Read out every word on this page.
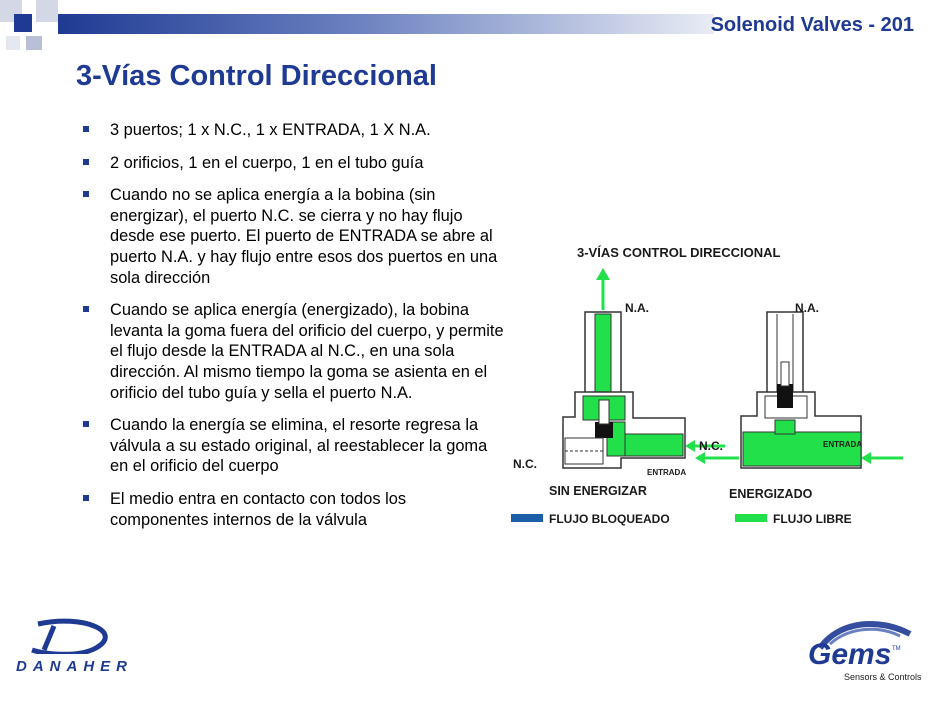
Solenoid Valves - 201
3-Vías Control Direccional
3 puertos; 1 x N.C., 1 x ENTRADA, 1 X N.A.
2 orificios, 1 en el cuerpo, 1 en el tubo guía
Cuando no se aplica energía a la bobina (sin energizar), el puerto N.C. se cierra y no hay flujo desde ese puerto. El puerto de ENTRADA se abre al puerto N.A. y hay flujo entre esos dos puertos en una sola dirección
Cuando se aplica energía (energizado), la bobina levanta la goma fuera del orificio del cuerpo, y permite el flujo desde la ENTRADA al N.C., en una sola dirección. Al mismo tiempo la goma se asienta en el orificio del tubo guía y sella el puerto N.A.
Cuando la energía se elimina, el resorte regresa la válvula a su estado original, al reestablecer la goma en el orificio del cuerpo
El medio entra en contacto con todos los componentes internos de la válvula
3-VÍAS CONTROL DIRECCIONAL
N.A.
N.C.
ENTRADA
SIN ENERGIZAR
N.A.
N.C.	ENTRADA
ENERGIZADO
FLUJO BLOQUEADO	FLUJO LIBRE
DANAHER	Gems TM
Sensors & Controls
